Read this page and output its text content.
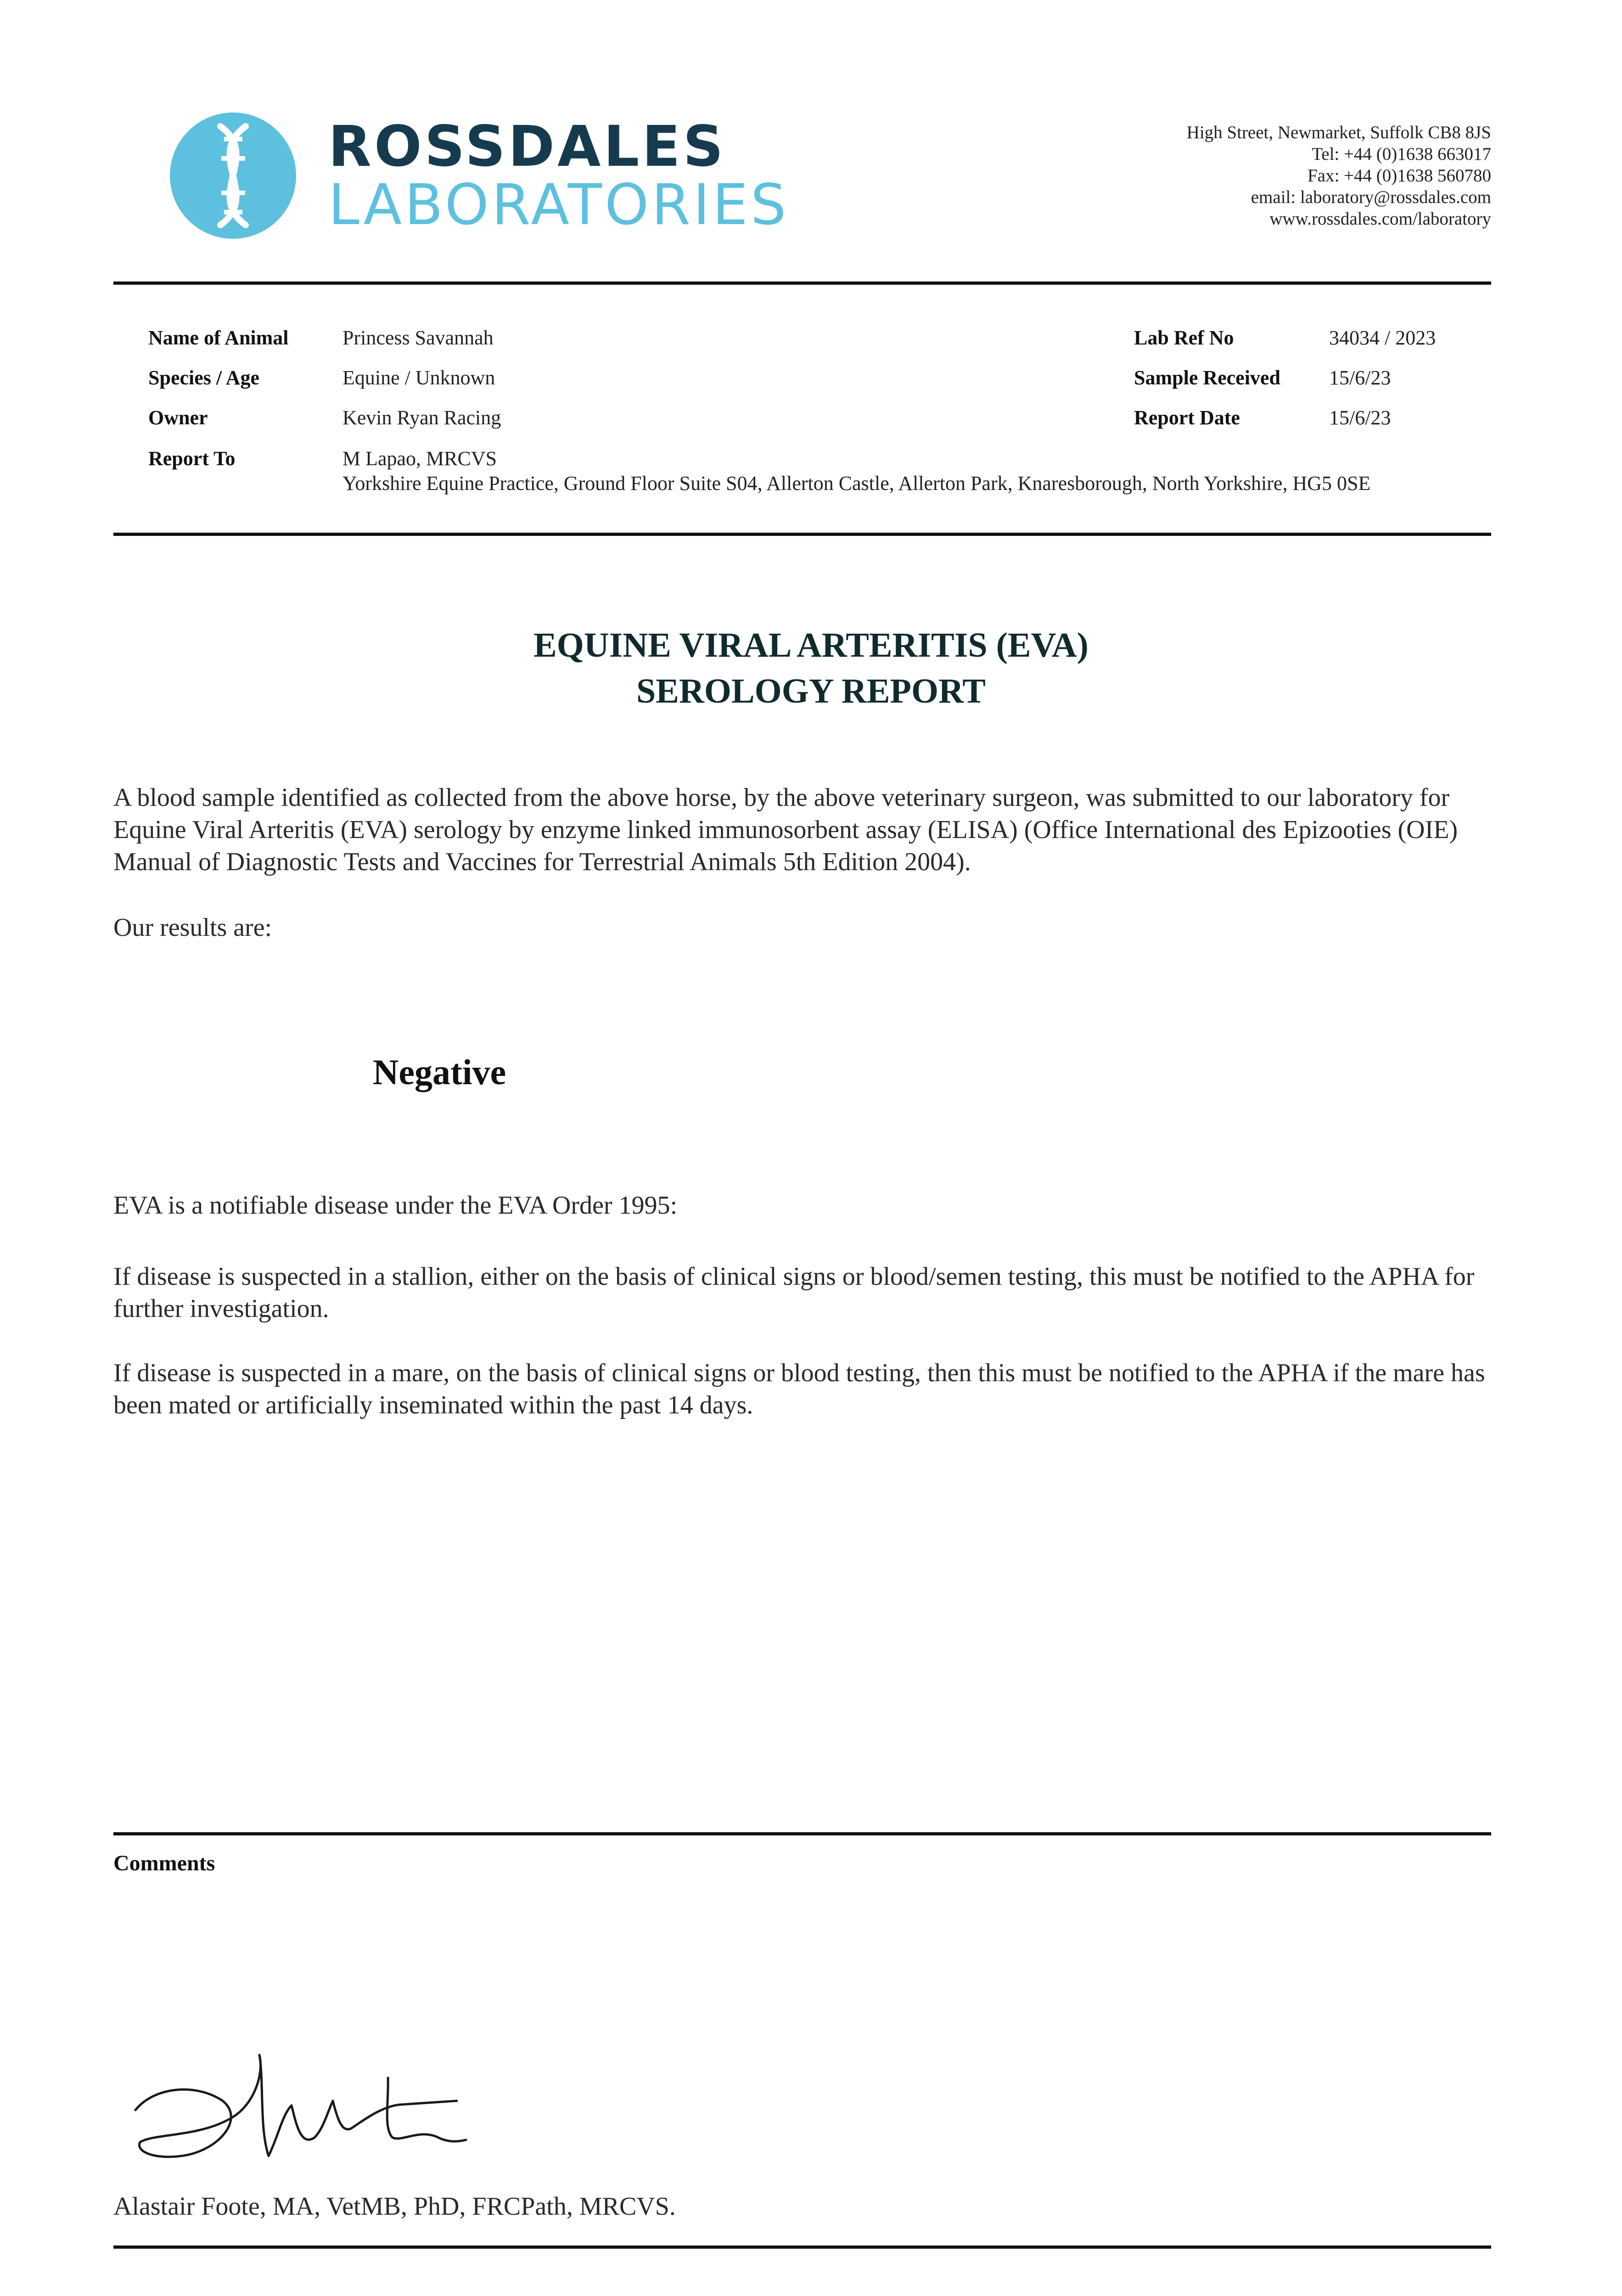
ROSSDALES
LABORATORIES
High Street, Newmarket, Suffolk CB8 8JS
Tel: +44 (0)1638 663017
Fax: +44 (0)1638 560780
email: laboratory@rossdales.com
www.rossdales.com/laboratory
Name of Animal	Princess Savannah
Species / Age	Equine / Unknown
Owner	Kevin Ryan Racing
Report To	M Lapao, MRCVS
Yorkshire Equine Practice, Ground Floor Suite S04, Allerton Castle, Allerton Park, Knaresborough, North Yorkshire, HG5 0SE
Lab Ref No	34034 / 2023
Sample Received 15/6/23
Report Date	15/6/23
EQUINE VIRAL ARTERITIS (EVA)
SEROLOGY REPORT
A blood sample identified as collected from the above horse, by the above veterinary surgeon, was submitted to our laboratory for Equine Viral Arteritis (EVA) serology by enzyme linked immunosorbent assay (ELISA) (Office International des Epizooties (OIE) Manual of Diagnostic Tests and Vaccines for Terrestrial Animals 5th Edition 2004).
Our results are:
Negative
EVA is a notifiable disease under the EVA Order 1995:
If disease is suspected in a stallion, either on the basis of clinical signs or blood/semen testing, this must be notified to the APHA for further investigation.
If disease is suspected in a mare, on the basis of clinical signs or blood testing, then this must be notified to the APHA if the mare has been mated or artificially inseminated within the past 14 days.
Comments
Alastair Foote, MA, VetMB, PhD, FRCPath, MRCVS.
